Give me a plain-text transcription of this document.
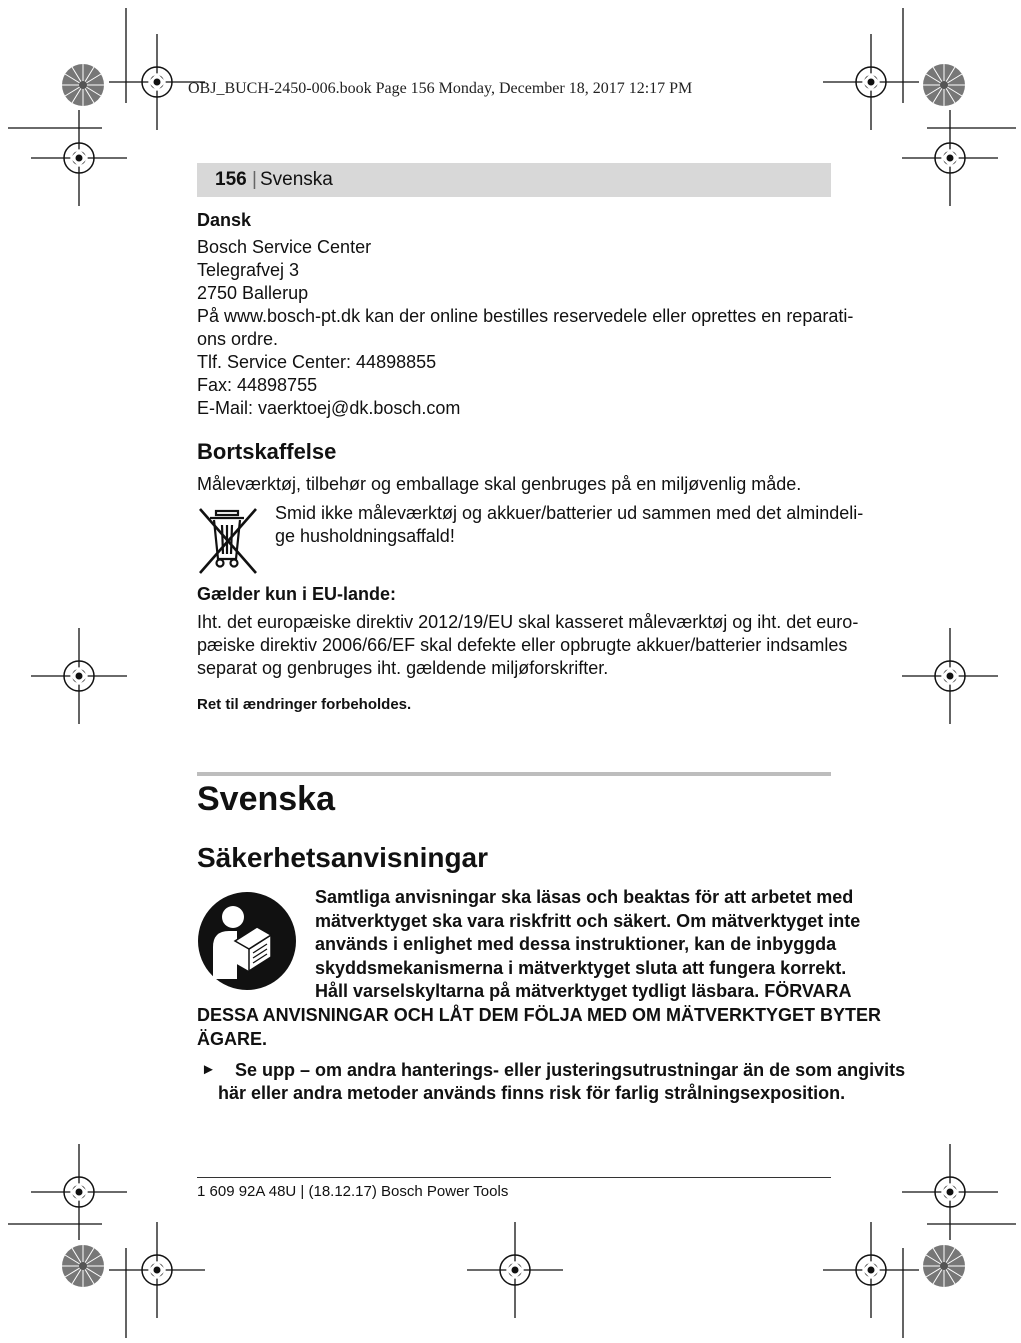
OBJ_BUCH-2450-006.book Page 156 Monday, December 18, 2017 12:17 PM
156 | Svenska
Dansk
Bosch Service Center
Telegrafvej 3
2750 Ballerup
På www.bosch-pt.dk kan der online bestilles reservedele eller oprettes en reparati-
ons ordre.
Tlf. Service Center: 44898855
Fax: 44898755
E-Mail: vaerktoej@dk.bosch.com
Bortskaffelse
Måleværktøj, tilbehør og emballage skal genbruges på en miljøvenlig måde.
Smid ikke måleværktøj og akkuer/batterier ud sammen med det almindeli-
ge husholdningsaffald!
Gælder kun i EU-lande:
Iht. det europæiske direktiv 2012/19/EU skal kasseret måleværktøj og iht. det euro-
pæiske direktiv 2006/66/EF skal defekte eller opbrugte akkuer/batterier indsamles
separat og genbruges iht. gældende miljøforskrifter.
Ret til ændringer forbeholdes.
Svenska
Säkerhetsanvisningar
Samtliga anvisningar ska läsas och beaktas för att arbetet med
mätverktyget ska vara riskfritt och säkert. Om mätverktyget inte
används i enlighet med dessa instruktioner, kan de inbyggda
skyddsmekanismerna i mätverktyget sluta att fungera korrekt.
Håll varselskyltarna på mätverktyget tydligt läsbara. FÖRVARA
DESSA ANVISNINGAR OCH LÅT DEM FÖLJA MED OM MÄTVERKTYGET BYTER
ÄGARE.
► Se upp – om andra hanterings- eller justeringsutrustningar än de som angivits
här eller andra metoder används finns risk för farlig strålningsexposition.
1 609 92A 48U | (18.12.17) Bosch Power Tools
